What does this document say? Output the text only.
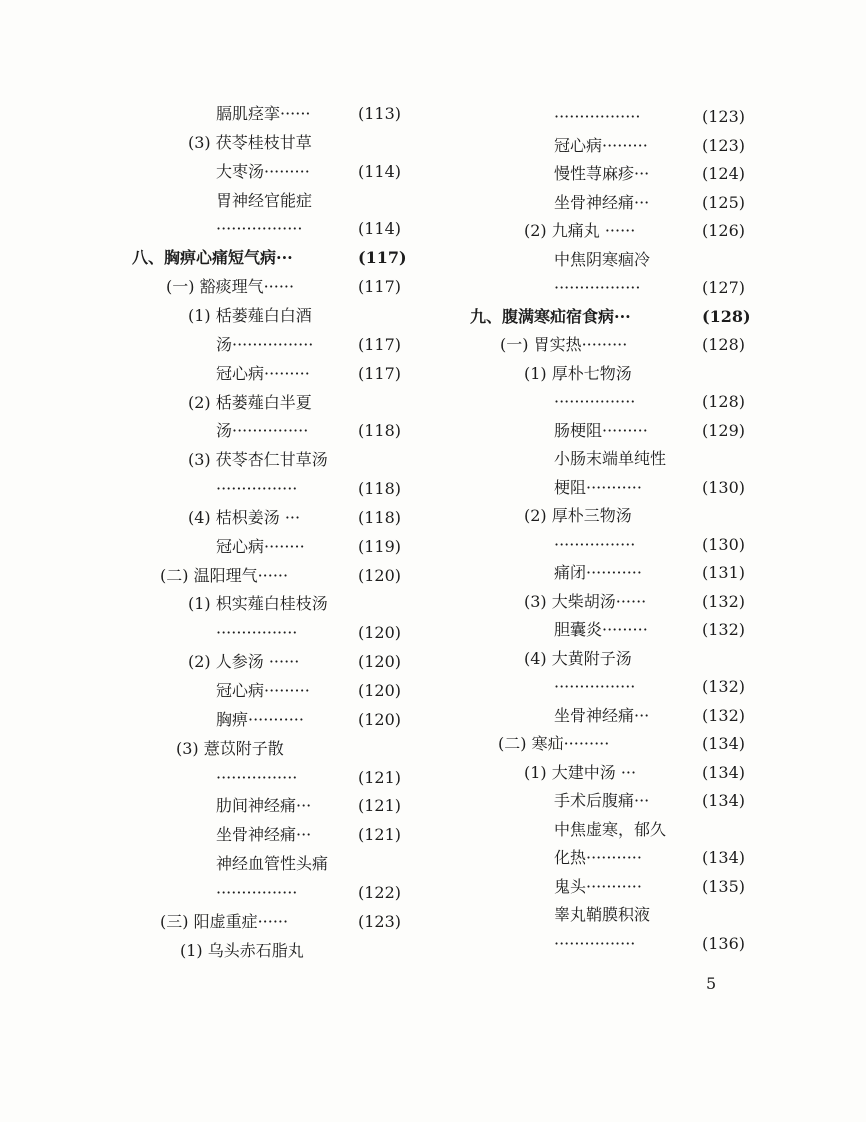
膈肌痉挛······	(113)
(3) 茯苓桂枝甘草
大枣汤·········	(114)
胃神经官能症
·················	(114)
八、胸痹心痛短气病···	(117)
(一) 豁痰理气······	(117)
(1) 栝蒌薤白白酒
汤················	(117)
冠心病·········	(117)
(2) 栝蒌薤白半夏
汤···············	(118)
(3) 茯苓杏仁甘草汤
················	(118)
(4) 桔枳姜汤 ···	(118)
冠心病········	(119)
(二) 温阳理气······	(120)
(1) 枳实薤白桂枝汤
················	(120)
(2) 人参汤 ······	(120)
冠心病·········	(120)
胸痹···········	(120)
(3) 薏苡附子散
················	(121)
肋间神经痛···	(121)
坐骨神经痛···	(121)
神经血管性头痛
················	(122)
(三) 阳虚重症······	(123)
(1) 乌头赤石脂丸
·················	(123)
冠心病·········	(123)
慢性荨麻疹···	(124)
坐骨神经痛···	(125)
(2) 九痛丸 ······	(126)
中焦阴寒痼冷
·················	(127)
九、腹满寒疝宿食病···	(128)
(一) 胃实热·········	(128)
(1) 厚朴七物汤
················	(128)
肠梗阻·········	(129)
小肠末端单纯性
梗阻···········	(130)
(2) 厚朴三物汤
················	(130)
痛闭···········	(131)
(3) 大柴胡汤······	(132)
胆囊炎·········	(132)
(4) 大黄附子汤
················	(132)
坐骨神经痛···	(132)
(二) 寒疝·········	(134)
(1) 大建中汤 ···	(134)
手术后腹痛···	(134)
中焦虚寒，郁久
化热···········	(134)
鬼头···········	(135)
睾丸鞘膜积液
················	(136)
5
